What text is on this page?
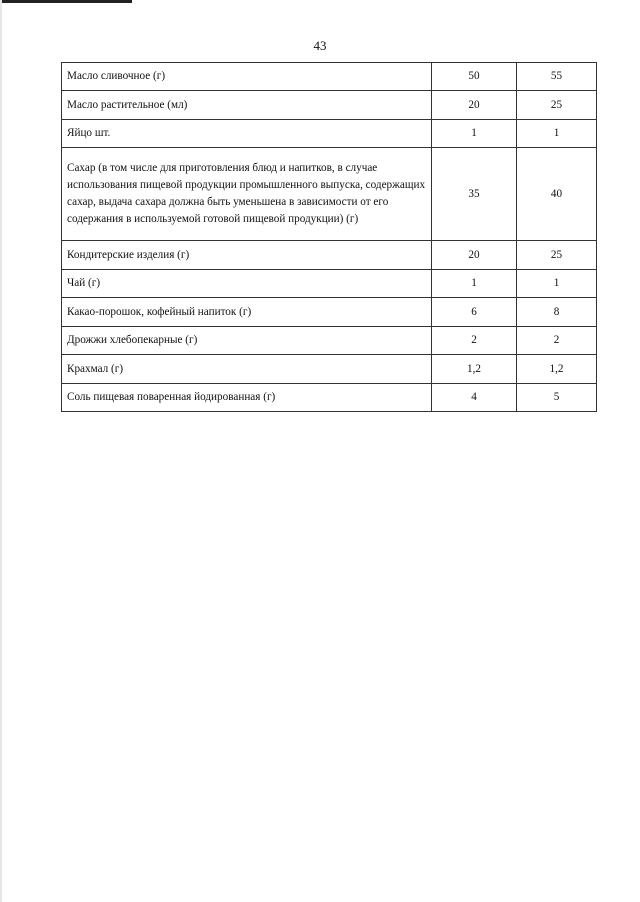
43
Масло сливочное (г)	50	55
Масло растительное (мл)	20	25
Яйцо шт.	1	1
Сахар (в том числе для приготовления блюд и напитков, в случае использования пищевой продукции промышленного выпуска, содержащих сахар, выдача сахара должна быть уменьшена в зависимости от его содержания в используемой готовой пищевой продукции) (г)	35	40
Кондитерские изделия (г)	20	25
Чай (г)	1	1
Какао-порошок, кофейный напиток (г)	6	8
Дрожжи хлебопекарные (г)	2	2
Крахмал (г)	1,2	1,2
Соль пищевая поваренная йодированная (г)	4	5
